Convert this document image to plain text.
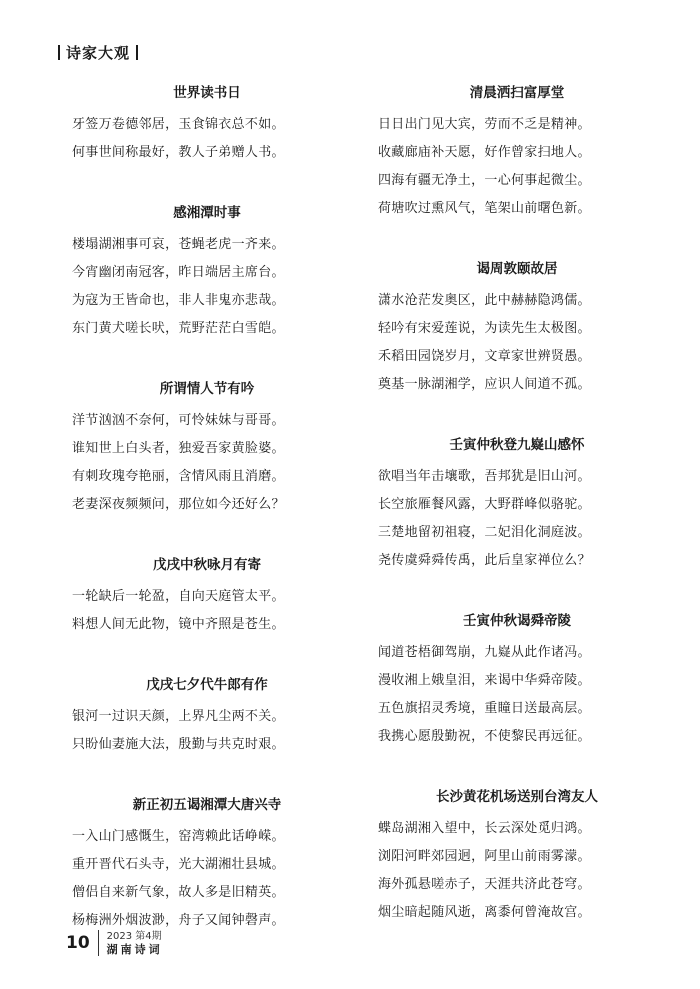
诗家大观
世界读书日
牙签万卷德邻居，玉食锦衣总不如。
何事世间称最好，教人子弟赠人书。
感湘潭时事
楼塌湖湘事可哀，苍蝇老虎一齐来。
今宵幽闭南冠客，昨日端居主席台。
为寇为王皆命也，非人非鬼亦悲哉。
东门黄犬嗟长吠，荒野茫茫白雪皑。
所谓情人节有吟
洋节汹汹不奈何，可怜妹妹与哥哥。
谁知世上白头者，独爱吾家黄脸婆。
有刺玫瑰夸艳丽，含情风雨且消磨。
老妻深夜频频问，那位如今还好么？
戊戌中秋咏月有寄
一轮缺后一轮盈，自向天庭管太平。
料想人间无此物，镜中齐照是苍生。
戊戌七夕代牛郎有作
银河一过识天颜，上界凡尘两不关。
只盼仙妻施大法，殷勤与共克时艰。
新正初五谒湘潭大唐兴寺
一入山门感慨生，窑湾赖此话峥嵘。
重开晋代石头寺，光大湖湘壮县城。
僧侣自来新气象，故人多是旧精英。
杨梅洲外烟波渺，舟子又闻钟磬声。
清晨洒扫富厚堂
日日出门见大宾，劳而不乏是精神。
收藏廊庙补天愿，好作曾家扫地人。
四海有疆无净土，一心何事起微尘。
荷塘吹过熏风气，笔架山前曙色新。
谒周敦颐故居
潇水沧茫发奥区，此中赫赫隐鸿儒。
轻吟有宋爱莲说，为读先生太极图。
禾稻田园饶岁月，文章家世辨贤愚。
奠基一脉湖湘学，应识人间道不孤。
壬寅仲秋登九嶷山感怀
欲唱当年击壤歌，吾邦犹是旧山河。
长空旅雁餐风露，大野群峰似骆驼。
三楚地留初祖寝，二妃泪化洞庭波。
尧传虞舜舜传禹，此后皇家禅位么？
壬寅仲秋谒舜帝陵
闻道苍梧御驾崩，九嶷从此作诸冯。
漫收湘上娥皇泪，来谒中华舜帝陵。
五色旗招灵秀境，重瞳日送最高层。
我携心愿殷勤祝，不使黎民再远征。
长沙黄花机场送别台湾友人
蝶岛湖湘入望中，长云深处觅归鸿。
浏阳河畔郊园迥，阿里山前雨雾濛。
海外孤悬嗟赤子，天涯共济此苍穹。
烟尘暗起随风逝，离黍何曾淹故宫。
10 2023 第4期
湖南诗词
